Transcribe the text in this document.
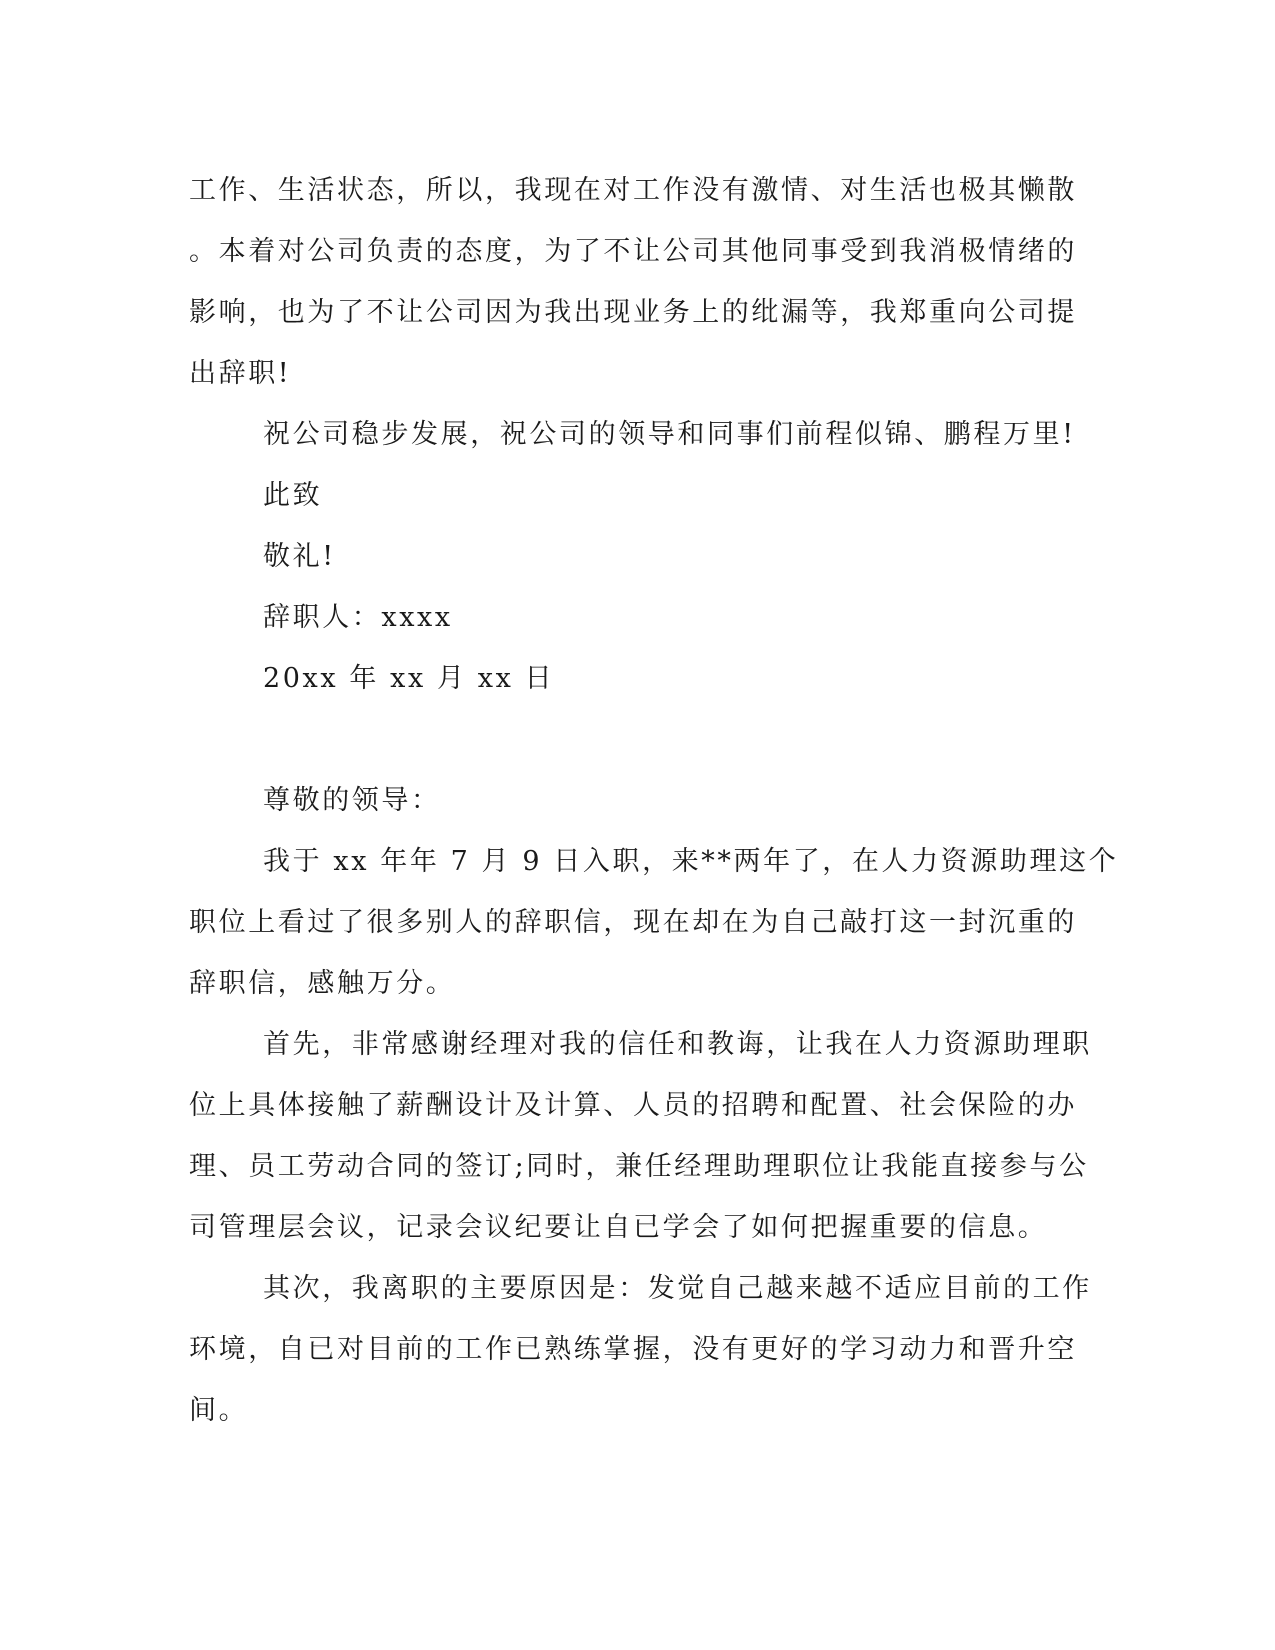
工作、生活状态，所以，我现在对工作没有激情、对生活也极其懒散
。本着对公司负责的态度，为了不让公司其他同事受到我消极情绪的
影响，也为了不让公司因为我出现业务上的纰漏等，我郑重向公司提
出辞职!
祝公司稳步发展，祝公司的领导和同事们前程似锦、鹏程万里!
此致
敬礼!
辞职人：xxxx
20xx 年 xx 月 xx 日
尊敬的领导：
我于 xx 年年 7 月 9 日入职，来**两年了，在人力资源助理这个
职位上看过了很多别人的辞职信，现在却在为自己敲打这一封沉重的
辞职信，感触万分。
首先，非常感谢经理对我的信任和教诲，让我在人力资源助理职
位上具体接触了薪酬设计及计算、人员的招聘和配置、社会保险的办
理、员工劳动合同的签订;同时，兼任经理助理职位让我能直接参与公
司管理层会议，记录会议纪要让自已学会了如何把握重要的信息。
其次，我离职的主要原因是：发觉自己越来越不适应目前的工作
环境，自已对目前的工作已熟练掌握，没有更好的学习动力和晋升空
间。
